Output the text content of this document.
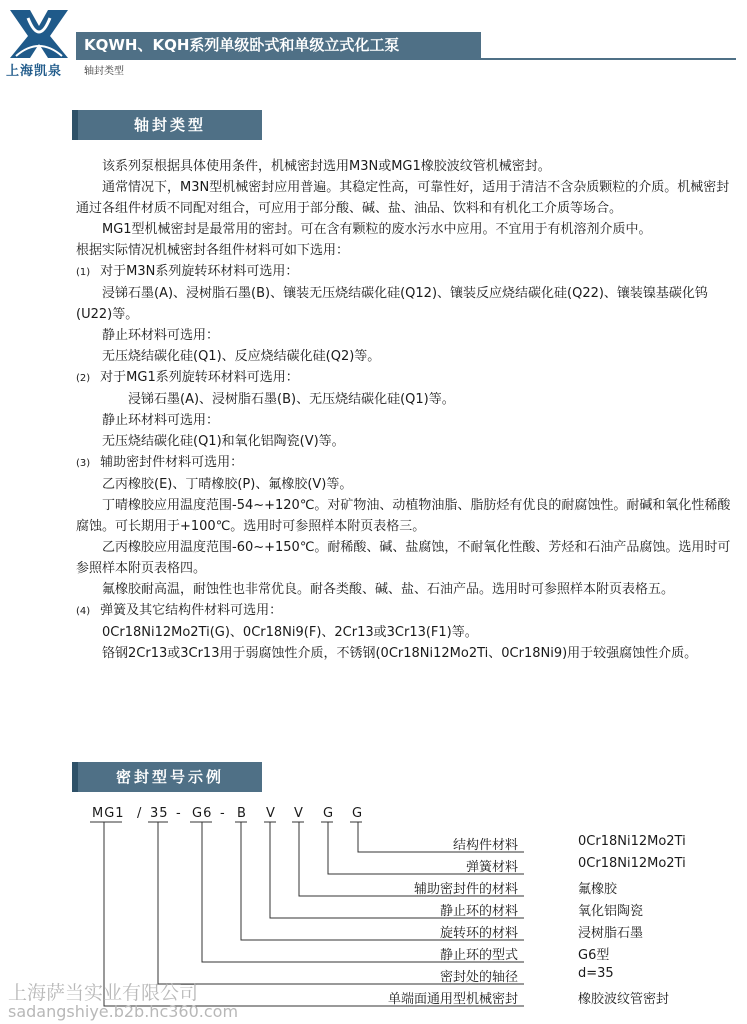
上海凯泉
KQWH、KQH系列单级卧式和单级立式化工泵
轴封类型
轴封类型
该系列泵根据具体使用条件，机械密封选用M3N或MG1橡胶波纹管机械密封。
通常情况下，M3N型机械密封应用普遍。其稳定性高，可靠性好，适用于清洁不含杂质颗粒的介质。机械密封通过各组件材质不同配对组合，可应用于部分酸、碱、盐、油品、饮料和有机化工介质等场合。
MG1型机械密封是最常用的密封。可在含有颗粒的废水污水中应用。不宜用于有机溶剂介质中。
根据实际情况机械密封各组件材料可如下选用：
(1) 对于M3N系列旋转环材料可选用：
浸锑石墨(A)、浸树脂石墨(B)、镶装无压烧结碳化硅(Q12)、镶装反应烧结碳化硅(Q22)、镶装镍基碳化钨(U22)等。
静止环材料可选用：
无压烧结碳化硅(Q1)、反应烧结碳化硅(Q2)等。
(2) 对于MG1系列旋转环材料可选用：
浸锑石墨(A)、浸树脂石墨(B)、无压烧结碳化硅(Q1)等。
静止环材料可选用：
无压烧结碳化硅(Q1)和氧化铝陶瓷(V)等。
(3) 辅助密封件材料可选用：
乙丙橡胶(E)、丁晴橡胶(P)、氟橡胶(V)等。
丁晴橡胶应用温度范围-54~+120℃。对矿物油、动植物油脂、脂肪烃有优良的耐腐蚀性。耐碱和氧化性稀酸腐蚀。可长期用于+100℃。选用时可参照样本附页表格三。
乙丙橡胶应用温度范围-60~+150℃。耐稀酸、碱、盐腐蚀，不耐氧化性酸、芳烃和石油产品腐蚀。选用时可参照样本附页表格四。
氟橡胶耐高温，耐蚀性也非常优良。耐各类酸、碱、盐、石油产品。选用时可参照样本附页表格五。
(4) 弹簧及其它结构件材料可选用：
0Cr18Ni12Mo2Ti(G)、0Cr18Ni9(F)、2Cr13或3Cr13(F1)等。
铬钢2Cr13或3Cr13用于弱腐蚀性介质，不锈钢(0Cr18Ni12Mo2Ti、0Cr18Ni9)用于较强腐蚀性介质。
密封型号示例
MG1 / 35 - G6 - B V V G G
结构件材料
弹簧材料
辅助密封件的材料
静止环的材料
旋转环的材料
静止环的型式
密封处的轴径
单端面通用型机械密封
0Cr18Ni12Mo2Ti
0Cr18Ni12Mo2Ti
氟橡胶
氧化铝陶瓷
浸树脂石墨
G6型
d=35
橡胶波纹管密封
上海萨当实业有限公司
sadangshiye.b2b.hc360.com
